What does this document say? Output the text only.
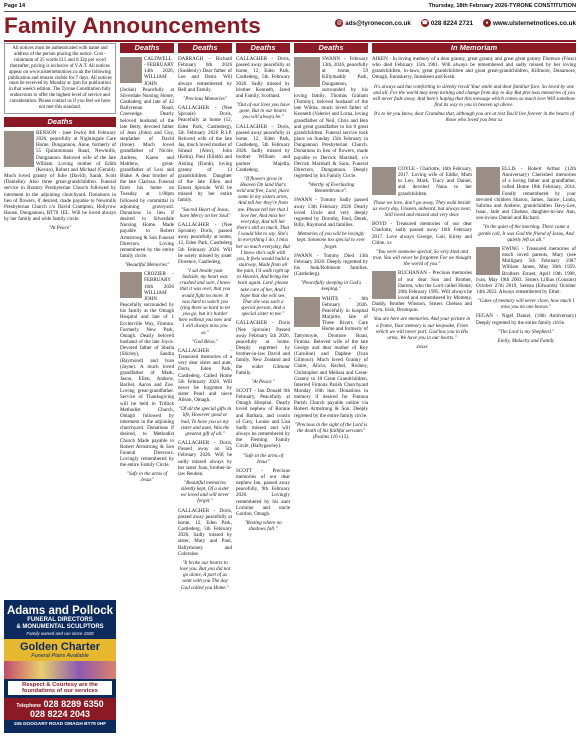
Page 14	Thursday, 18th February 2026-TYRONE CONSTITUTION
Family Announcements	@ ads@tyronecon.co.uk ☎ 028 8224 2721	● www.ulsternetnotices.co.uk
All notices must be authenticated with name and address of the person placing the notice. Cost - minimum of 25 words £15 and 0.32p per word thereafter, pricing is inclusive of V.A.T. All notices appear on www.ulsternetnotices.co.uk the following publication and remain visible for 7 days. All notices must be received by Monday at 1pm for publication in that week's edition. The Tyrone Constitution fully endeavours to offer the highest level of service and consideration. Please contact us if you feel we have not met this standard.
Deaths

BENSON - (nee Irwin) 8th February 2026, peacefully at Nightingale Care Home, Dungannon, Anne, formerly of 55 Quintonmaus Road, Newmills, Dungannon. Beloved wife of the late William. Loving mother of Edith (Kevan), Robert and Michael (Gerald). Much loved granny of Julie (David), Sarah, Scott (Danielle). Also three great-grandchildren. Funeral service in Brantry Presbyterian Church followed by interment in the adjoining churchyard. Donations in lieu of flowers, if desired, made payable to Newmills Presbyterian Church c/o David Crampton, Hollyrow House, Dungannon, BT70 1EL. Will be loved always by her family and wide family circle.

"At Peace"

Deaths

CALDWELL - FEBRUARY 14th 2026, WILLIAM JOHN (Jackie) Peacefully at Silverdale Nursing Home, Castlederg and late of 42 Ballyrenan Road, Creevedge. Dearly beloved husband of the late Betty, devoted father of Jean (John) and Guy, stepfather of David (Irene). Much loved grandfather of Nicole, Andrew, Karen and Matthew, great-grandfather of Lexi and Blake. A dear brother of the late Clarissa. Funeral from his home on Tuesday at 1.00pm followed by committal in adjoining graveyard. Donations in lieu if desired to Silverdale Nursing Home. Made payable to Robert Armstrong & Son Funeral Directors. Loving remembered by the entire family circle.

"Beautiful Memories"

CROZIER - FEBRUARY 16th 2026 WILLIAM JOHN Peacefully surrounded by his family at the Omagh Hospital and late of 1 Ecclesville Way, Fintona. Formerly New Park, Omagh. Dearly beloved husband of the late Joyce. Devoted father of Sheila (Shirley), Sandra (Raymond) and Ivan (Jayne). A much loved grandfather of Mark, Jason, Ellen, Andrew, Rachel, Aaron and Zoe. Loving great-grandfather. Service of Thanksgiving will be held in Trillick Methodist Church, Omagh followed by interment in the adjoining churchyard. Donations if desired, to Methodist Church Made payable to Robert Armstrong & Son Funeral Directors. Lovingly remembered by the entire Family Circle.

"Safe in the arms of Jesus"

Deaths

DARRAGH - Richard February 6th 2026 (Suddenly) Dear father of Lee and Demi. Will always remembered by Bell and Family.

"Precious Memories"

GALLAGHER - (Nee Sproule) Doris, Peacefully at home (12, Eden Park, Castlederg), 5th February 2026 R.I.P. Beloved wife of the late Jas, much loved mother of Sinead (Alex), John (Kelra), Paul (Eilidh) and Aisling (Frank), loving granny of 13 grandchildren. Daughter of the late Ellen and Ernest Sproule. Will be missed by her entire family.

"Sacred Heart of Jesus, have Mercy on her Soul"

GALLAGHER - (Nee Sproule) Doris, passed away peacefully at home, 12, Eden Park, Castlederg 5th February 2026. Will be sorely missed by sister Florence, Castlederg.

"I sat beside your bedside, my heart was crushed and sore, I knew that it was over, that you would fight no more. It was hard to watch you lying there so hard to let you go, but it's harder here without you now and I will always miss you so."

"God Bless."

GALLAGHER - Treasured memories of a very dear sister and aunt, Doris, Eden Park, Castlederg. Called Home 5th February 2026. Will never be forgotten by sister Pearl and niece Alison, Omagh.

"Of all the special gifts in life, However good or bad, To have you as my sister and aunt, Was the greatest gift of all."

GALLAGHER - Doris, Passed away on 5th February 2026. Will be sadly missed always by her sister Joan, brother-in-law Reuben.

"Beautiful memories silently kept, Of a sister we loved and will never forget."

GALLAGHER - Doris, passed away peacefully at home, 12, Eden Park, Castlederg, 5th February 2026. Sadly missed by sister, Mary and Paul, Ballymoney and Coleraine.

"It broke our hearts to lose you. But you did not go alone, A part of us went with you The day God called you Home."

Deaths

GALLAGHER - Doris, passed away peacefully at home, 12, Eden Park, Castlederg, 5th February 2026. Sadly missed by brother Kenneth, Jared and Family, Scotland.

"Out of our lives you have gone, But in our hearts you will always be."

GALLAGHER - Doris, passed away peacefully at home, 12, Eden Park, Castlederg, 5th February 2026. Sadly missed by brother William and partner Majella, Castlederg.

"If flowers grow in Heaven On land that's wild and free, Lord, place some in my sisters arms, And tell her they're from me. Please tell her that I love her, And miss her everyday, And tell her there's still so much, That I would like to say. She's in everything I do, I miss her so much everyday, But I know she's safe with you, It feels would build a stairway, Made from all the pain, I'd walk right up to Heaven, And bring her back again. Lord, please take care of her, And I hope that she will see, That she was such a special person, And a special sister to me."

GALLAGHER - Doris (Nee Sproule) Passed away February 5th 2026, peacefully at home. Deeply regretted by brother-in-law David and family, New Zealand and the wider Gilmour Family.

"At Peace."

SCOTT - Ian Donald 9th February, Peacefully at Omagh Hospital. Dearly loved nephew of Ronnie and Barbara, and cousin of Gary, Louise and Lisa Sadly missed and will always be remembered by the Fleming Family Circle, (Ballygawley).

"Safe in the arms of Jesus"

SCOTT - Precious memories of our dear nephew Ian, passed away peacefully, 9th February 2026. Lovingly remembered by his aunt Lorraine and uncle Gordon, Omagh.

"Resting where no shadows fall."

Deaths

SWANN - February 13th, 2026, peacefully at home, 59 Killymaddy Park, Dungannon, surrounded by his loving family, Thomas Graham (Tommy), beloved husband of the late Wilma, much loved father of Kenneth (Valerie) and Lorna, loving grandfather of Neil, Chris and Ben and great grandfather to his 8 great grandchildren. Funeral service took place on Sunday 15th February in Dungannon Presbyterian Church. Donations in lieu of flowers, made payable to Derrick Marshall, c/o Derrick Marshall & Sons, Funeral Directors, Dungannon. Deeply regretted by his Family Circle.

"Worthy of Everlasting Remembrance".

SWANN - Tommy Sadly passed away 13th February 2026 Dearly loved Uncle and very deeply regretted by Dorothy, Fred, Derek, Billy, Raymond and families.

Memories of you will be lovingly kept. Someone too special to ever forget.

SWANN - Tommy Died 13th February 2026. Deeply regretted by his Junk/Robinson families. (Castlederg).

"Peacefully sleeping in God's keeping."

WHITE - 8th February 2026. Peacefully in hospital Marjorie, late of Three Rivers Care Home and formerly of Tattymoyle, Dromore Road, Fintona. Beloved wife of the late George and dear mother of Roy (Caroline) and Daphne (Ivan Gilmour). Much loved Granny of Claire, Alicia, Rachel, Rodney, Christopher and Melissa and Great-Granny to 10 Great Grandchildren. Interred Fintona Parish Churchyard Monday 16th inst. Donations in memory if desired for Fintona Parish Church payable online via Robert Armstrong & Son. Deeply regretted by the entire family circle.

"Precious in the sight of the Lord is the death of his faithful servants" (Psalms 116 v15).

In Memoriam

AIKEN - In loving memory of a dear granny, great granny and great great granny Florence (Floss) who died February 15th 1961. Will always be remembered and sadly missed by her loving grandchildren, in-laws, great grandchildren and great great-grandchildren, Killmore, Dunamore, Omagh, Enniskerry, Inniskeen and Kesh.

It's always sad but comforting to silently recall Your smile and dear familiar face. So loved by one and all. For the world may keep turning and change from day to day But precious memories of you will never fade away. And here's hoping that this message which comes so much love Will somehow find its way to you in heaven up above.

It's to let you know, dear Grandma that, although you are at rest You'll live forever in the hearts of those who loved you best xx

COYLE - Charlotte, 16th February, 2017. Loving wife of Eddie, Mum to Len, Mark, Tracy and Daniel, and devoted Nana to her grandchildren.

Those we love, don't go away, They walk beside us every day, Unseen, unheard, but always near, Still loved and missed and very dear.

BOYD - Treasured memories of our dear Charlotte, sadly passed away 16th February 2017. Love always George, Gail, Kirsty and Chloe. xx

"You were someone special, So very kind and true. You will never be forgotten For we thought the world of you."

BUCHANAN - Precious memories of our dear Son and Brother, Darren, who the Lord called Home, 20th February 1995. Will always be loved and remembered by Mommy, Daddy, Brother Winston, Sisters Chelsea and Kym. Irish, Drumquin.

You are here are memories. And your picture in a frame, Your memory is our keepsake, From which we will never part. God has you in His arms, We have you in our hearts."

xxxxx

ELLIS - Robert Arthur (12th Anniversary) Cherished memories of a loving father and grandfather, called Home 18th February, 2014. Fondly remembered by your devoted children Sharon, James, Janice, Linda, Sabrina and Andrew, grandchildren Davy-Lee, Isaac, Jade and Chelsea, daughter-in-law Ann, son-in-law Daniel and Richard.

"In the quiet of the morning, There came a gentle call, It was God the friend of Jesus, And quietly left us all."

EWING - Treasured memories of much loved parents, Mary (nee Mulligan) 5th February 1987 William James, May 30th 1959. Brothers Ernest, April 19th 1998, Ivan, May 19th 2003. Sisters Lillias (Cousins) October 27th 2019, Serena (Edwards) October 14th 2022. Always remembered by Ethel.

"Gates of memory will never close, how much I miss you no one knows."

FEGAN - Nigel Daniel, (18th Anniversary) Deeply regretted by the entire family circle.

"The Lord is my Shepherd."

Emily, Malachy and Family

Adams and Pollock
FUNERAL DIRECTORS
& MONUMENTAL SCULPTORS
Family owned and run since 1928
Golden Charter
Funeral Plans Available
Respect & Courtesy are the foundations of our services
Telephone 028 8289 6350
028 8224 2043
155 DOOGARY ROAD OMAGH BT79 0HF
